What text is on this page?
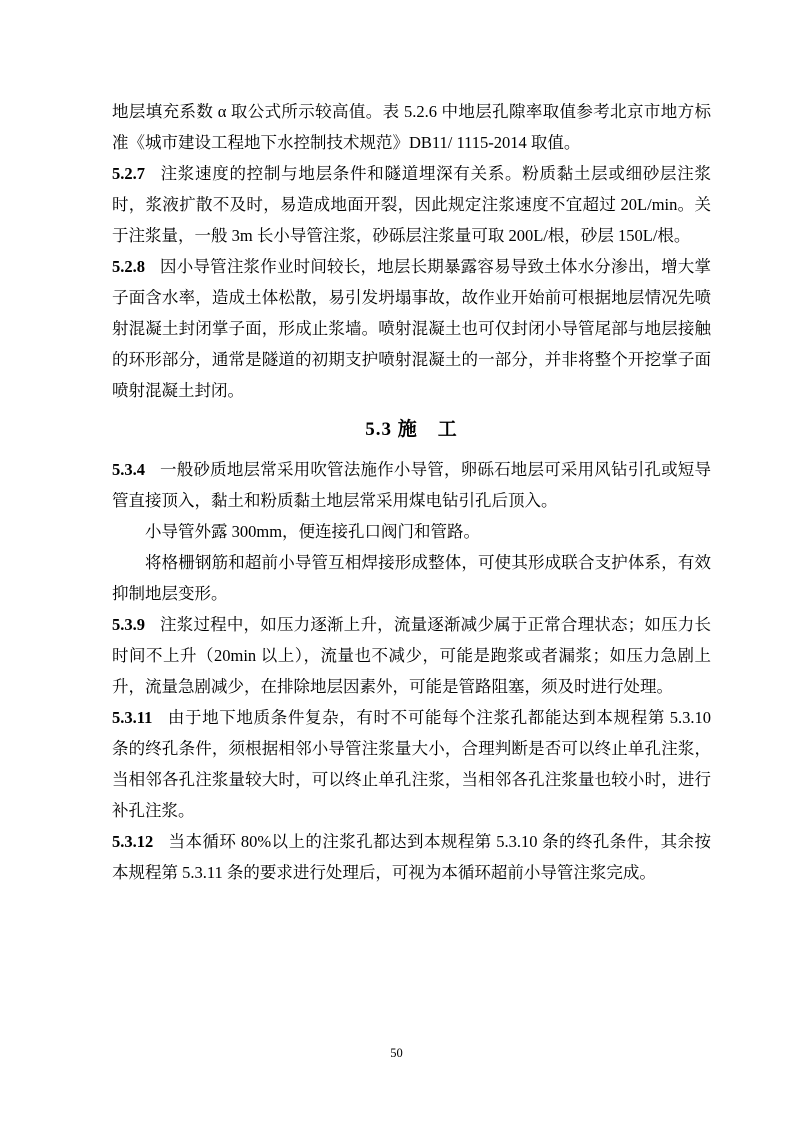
地层填充系数 α 取公式所示较高值。表 5.2.6 中地层孔隙率取值参考北京市地方标准《城市建设工程地下水控制技术规范》DB11/ 1115-2014 取值。

5.2.7 注浆速度的控制与地层条件和隧道埋深有关系。粉质黏土层或细砂层注浆时，浆液扩散不及时，易造成地面开裂，因此规定注浆速度不宜超过 20L/min。关于注浆量，一般 3m 长小导管注浆，砂砾层注浆量可取 200L/根，砂层 150L/根。

5.2.8 因小导管注浆作业时间较长，地层长期暴露容易导致土体水分渗出，增大掌子面含水率，造成土体松散，易引发坍塌事故，故作业开始前可根据地层情况先喷射混凝土封闭掌子面，形成止浆墙。喷射混凝土也可仅封闭小导管尾部与地层接触的环形部分，通常是隧道的初期支护喷射混凝土的一部分，并非将整个开挖掌子面喷射混凝土封闭。

5.3 施　工

5.3.4 一般砂质地层常采用吹管法施作小导管，卵砾石地层可采用风钻引孔或短导管直接顶入，黏土和粉质黏土地层常采用煤电钻引孔后顶入。

小导管外露 300mm，便连接孔口阀门和管路。

将格栅钢筋和超前小导管互相焊接形成整体，可使其形成联合支护体系，有效抑制地层变形。

5.3.9 注浆过程中，如压力逐渐上升，流量逐渐减少属于正常合理状态；如压力长时间不上升（20min 以上），流量也不减少，可能是跑浆或者漏浆；如压力急剧上升，流量急剧减少，在排除地层因素外，可能是管路阻塞，须及时进行处理。

5.3.11 由于地下地质条件复杂，有时不可能每个注浆孔都能达到本规程第 5.3.10 条的终孔条件，须根据相邻小导管注浆量大小，合理判断是否可以终止单孔注浆，当相邻各孔注浆量较大时，可以终止单孔注浆，当相邻各孔注浆量也较小时，进行补孔注浆。

5.3.12 当本循环 80%以上的注浆孔都达到本规程第 5.3.10 条的终孔条件，其余按本规程第 5.3.11 条的要求进行处理后，可视为本循环超前小导管注浆完成。

50
